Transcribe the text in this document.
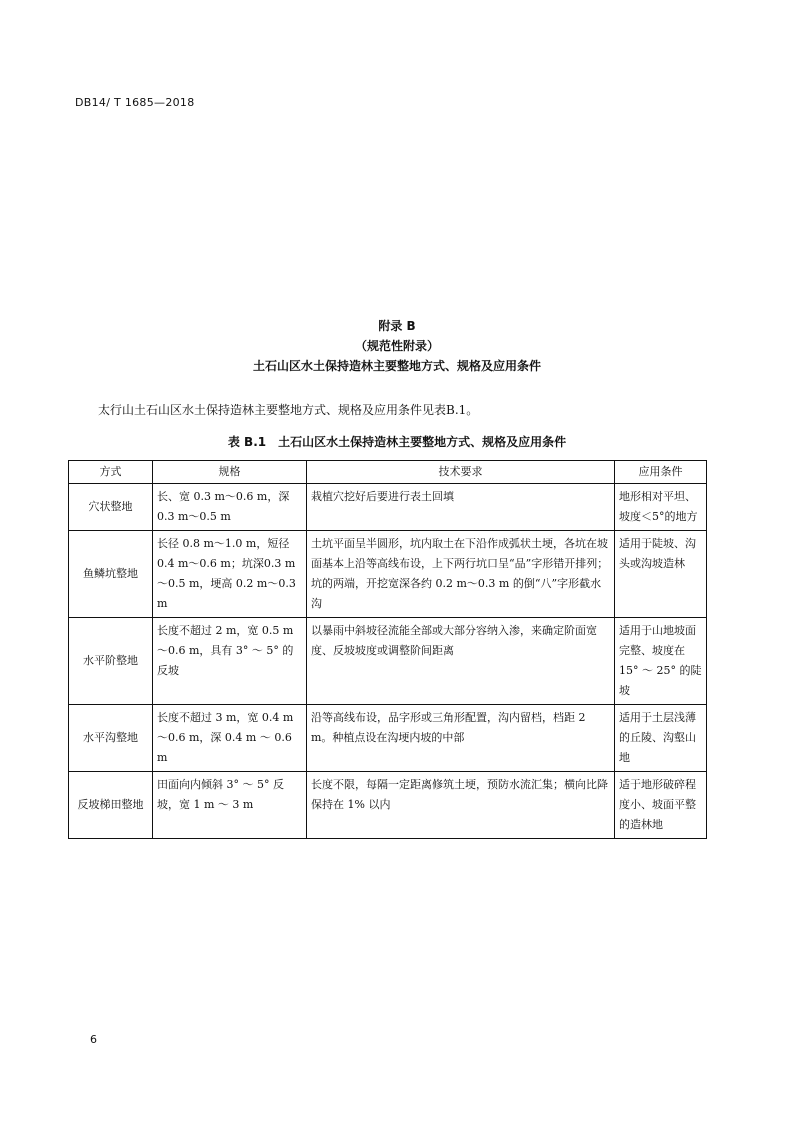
DB14/ T 1685—2018
附录 B
（规范性附录）
土石山区水土保持造林主要整地方式、规格及应用条件
太行山土石山区水土保持造林主要整地方式、规格及应用条件见表B.1。
表 B.1　土石山区水土保持造林主要整地方式、规格及应用条件
方式	规格	技术要求	应用条件
穴状整地	长、宽 0.3 m～0.6 m，深 0.3 m～0.5 m	栽植穴挖好后要进行表土回填	地形相对平坦、坡度＜5°的地方
鱼鳞坑整地	长径 0.8 m～1.0 m，短径 0.4 m～0.6 m；坑深0.3 m～0.5 m，埂高 0.2 m～0.3 m	土坑平面呈半圆形，坑内取土在下沿作成弧状土埂，各坑在坡面基本上沿等高线布设，上下两行坑口呈“品”字形错开排列；坑的两端，开挖宽深各约 0.2 m～0.3 m 的倒“八”字形截水沟	适用于陡坡、沟头或沟坡造林
水平阶整地	长度不超过 2 m，宽 0.5 m～0.6 m，具有 3° ～ 5° 的反坡	以暴雨中斜坡径流能全部或大部分容纳入渗，来确定阶面宽度、反坡坡度或调整阶间距离	适用于山地坡面完整、坡度在 15° ～ 25° 的陡坡
水平沟整地	长度不超过 3 m，宽 0.4 m ～0.6 m，深 0.4 m ～ 0.6 m	沿等高线布设，品字形或三角形配置，沟内留档，档距 2 m。种植点设在沟埂内坡的中部	适用于土层浅薄的丘陵、沟壑山地
反坡梯田整地	田面向内倾斜 3° ～ 5° 反坡，宽 1 m ～ 3 m	长度不限，每隔一定距离修筑土埂，预防水流汇集；横向比降保持在 1% 以内	适于地形破碎程度小、坡面平整的造林地
6
